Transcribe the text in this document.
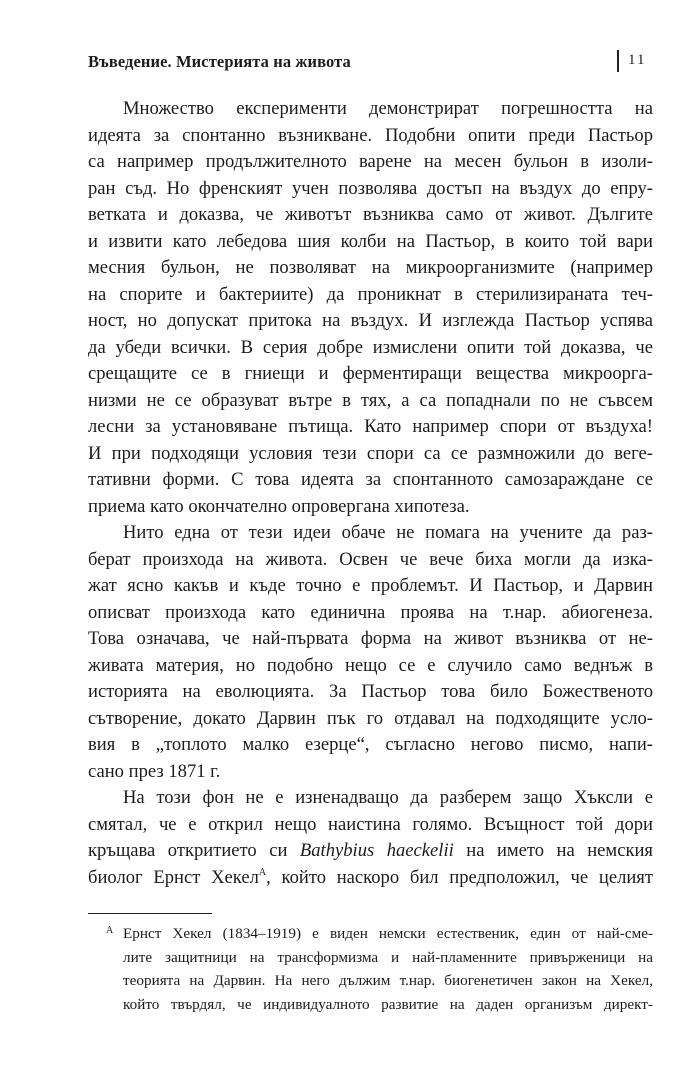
Въведение. Мистерията на живота	11

Множество експерименти демонстрират погрешността на

идеята за спонтанно възникване. Подобни опити преди Пастьор

са например продължителното варене на месен бульон в изоли-

ран съд. Но френският учен позволява достъп на въздух до епру-

ветката и доказва, че животът възниква само от живот. Дългите

и извити като лебедова шия колби на Пастьор, в които той вари

месния бульон, не позволяват на микроорганизмите (например

на спорите и бактериите) да проникнат в стерилизираната теч-

ност, но допускат притока на въздух. И изглежда Пастьор успява

да убеди всички. В серия добре измислени опити той доказва, че

срещащите се в гниещи и ферментиращи вещества микроорга-

низми не се образуват вътре в тях, а са попаднали по не съвсем

лесни за установяване пътища. Като например спори от въздуха!

И при подходящи условия тези спори са се размножили до веге-

тативни форми. С това идеята за спонтанното самозараждане се

приема като окончателно опровергана хипотеза.

Нито една от тези идеи обаче не помага на учените да раз-

берат произхода на живота. Освен че вече биха могли да изка-

жат ясно какъв и къде точно е проблемът. И Пастьор, и Дарвин

описват произхода като единична проява на т.нар. абиогенеза.

Това означава, че най-първата форма на живот възниква от не-

живата материя, но подобно нещо се е случило само веднъж в

историята на еволюцията. За Пастьор това било Божественото

сътворение, докато Дарвин пък го отдавал на подходящите усло-

вия в „топлото малко езерце“, съгласно негово писмо, напи-

сано през 1871 г.

На този фон не е изненадващо да разберем защо Хъксли е

смятал, че е открил нещо наистина голямо. Всъщност той дори

кръщава откритието си Bathybius haeckelii на името на немския

биолог Ернст Хекел$^A$, който наскоро бил предположил, че целият

A Ернст Хекел (1834–1919) е виден немски естественик, един от най-сме-

лите защитници на трансформизма и най-пламенните привърженици на

теорията на Дарвин. На него дължим т.нар. биогенетичен закон на Хекел,

който твърдял, че индивидуалното развитие на даден организъм директ-
